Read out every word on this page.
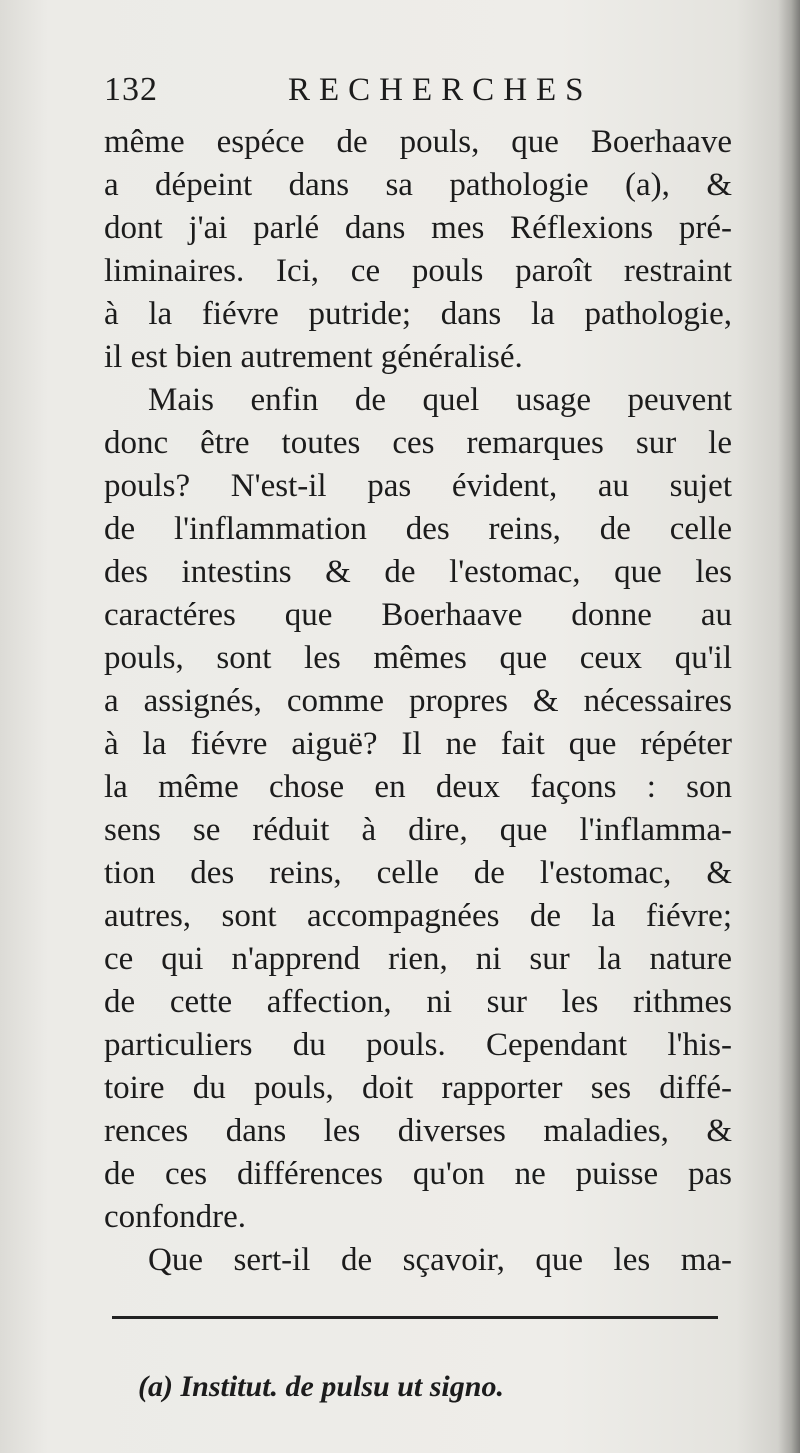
132	RECHERCHES
même espéce de pouls, que Boerhaave
a dépeint dans sa pathologie (a), &
dont j'ai parlé dans mes Réflexions pré-
liminaires. Ici, ce pouls paroît restraint
à la fiévre putride; dans la pathologie,
il est bien autrement généralisé.
Mais enfin de quel usage peuvent
donc être toutes ces remarques sur le
pouls? N'est-il pas évident, au sujet
de l'inflammation des reins, de celle
des intestins & de l'estomac, que les
caractéres que Boerhaave donne au
pouls, sont les mêmes que ceux qu'il
a assignés, comme propres & nécessaires
à la fiévre aiguë? Il ne fait que répéter
la même chose en deux façons : son
sens se réduit à dire, que l'inflamma-
tion des reins, celle de l'estomac, &
autres, sont accompagnées de la fiévre;
ce qui n'apprend rien, ni sur la nature
de cette affection, ni sur les rithmes
particuliers du pouls. Cependant l'his-
toire du pouls, doit rapporter ses diffé-
rences dans les diverses maladies, &
de ces différences qu'on ne puisse pas
confondre.
Que sert-il de sçavoir, que les ma-
(a) Institut. de pulsu ut signo.
